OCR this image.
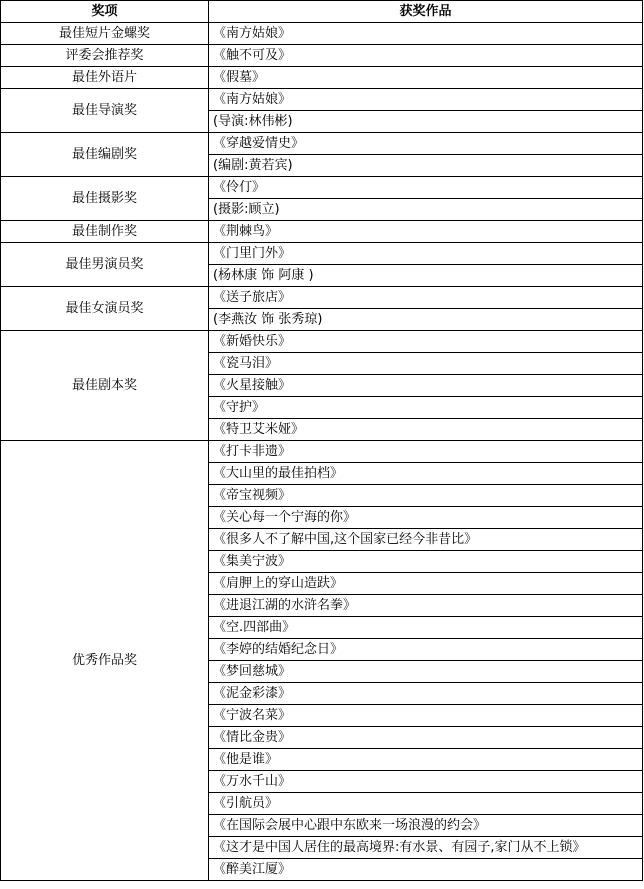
奖项	获奖作品
最佳短片金螺奖	《南方姑娘》
评委会推荐奖	《触不可及》
最佳外语片	《假墓》
最佳导演奖	《南方姑娘》
	(导演:林伟彬)
最佳编剧奖	《穿越爱情史》
	(编剧:黄若宾)
最佳摄影奖	《伶仃》
	(摄影:顾立)
最佳制作奖	《荆棘鸟》
最佳男演员奖	《门里门外》
	(杨林康 饰 阿康 )
最佳女演员奖	《送子旅店》
	(李燕汝 饰 张秀琼)
最佳剧本奖	《新婚快乐》
	《瓷马泪》
	《火星接触》
	《守护》
	《特卫艾米娅》
优秀作品奖	《打卡非遗》
	《大山里的最佳拍档》
	《帝宝视频》
	《关心每一个宁海的你》
	《很多人不了解中国,这个国家已经今非昔比》
	《集美宁波》
	《肩胛上的穿山造趺》
	《进退江湖的水浒名拳》
	《空.四部曲》
	《李婷的结婚纪念日》
	《梦回慈城》
	《泥金彩漆》
	《宁波名菜》
	《情比金贵》
	《他是谁》
	《万水千山》
	《引航员》
	《在国际会展中心跟中东欧来一场浪漫的约会》
	《这才是中国人居住的最高境界:有水景、有园子,家门从不上锁》
	《醉美江厦》
